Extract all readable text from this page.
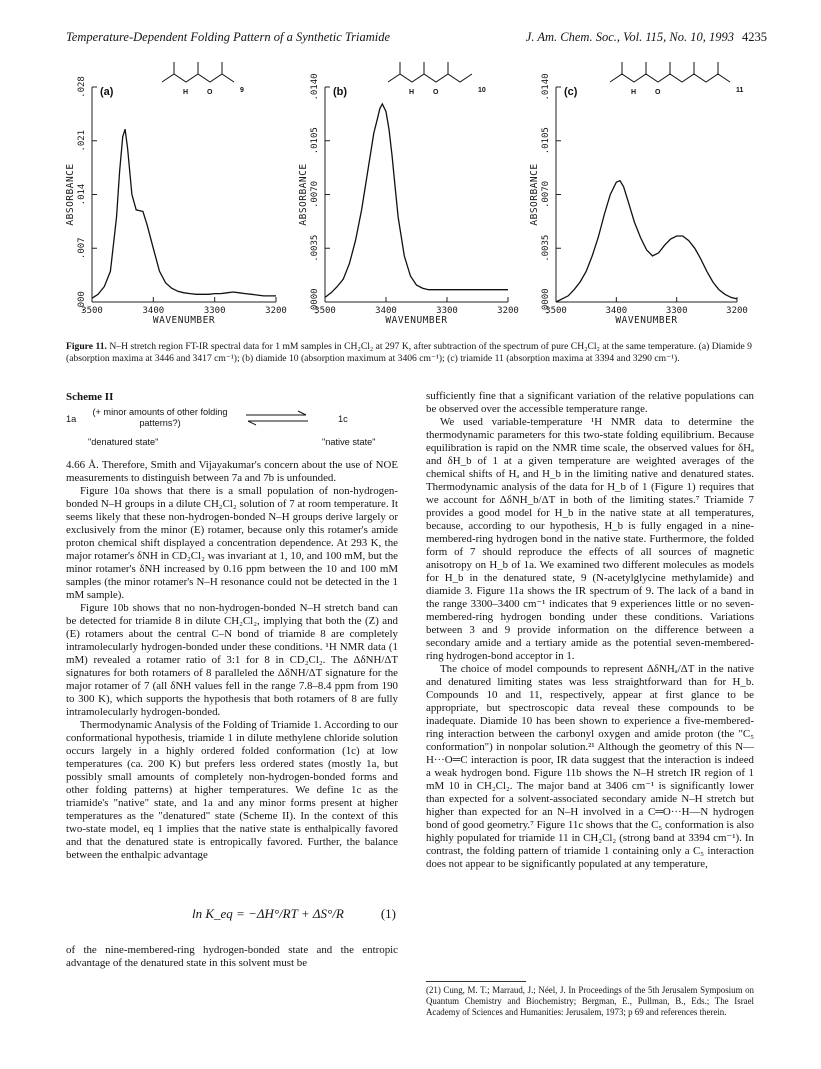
Temperature-Dependent Folding Pattern of a Synthetic Triamide	J. Am. Chem. Soc., Vol. 115, No. 10, 1993 4235
.000
.007
.014
.021
.028
3500	3400	3300	3200
WAVENUMBER
ABSORBANCE
(a)	9
H	O
.0000
.0035
.0070
.0105
.0140
3500	3400	3300	3200
WAVENUMBER
ABSORBANCE
(b)	10
H	O
.0000
.0035
.0070
.0105
.0140
3500	3400	3300	3200
WAVENUMBER
ABSORBANCE
(c)	11
H	O
Figure 11. N–H stretch region FT-IR spectral data for 1 mM samples in CH₂Cl₂ at 297 K, after subtraction of the spectrum of pure CH₂Cl₂ at the same temperature. (a) Diamide 9 (absorption maxima at 3446 and 3417 cm⁻¹); (b) diamide 10 (absorption maximum at 3406 cm⁻¹); (c) triamide 11 (absorption maxima at 3394 and 3290 cm⁻¹).
Scheme II
1a
(+ minor amounts of other folding patterns?)	1c
"denatured state"	"native state"

4.66 Å. Therefore, Smith and Vijayakumar's concern about the use of NOE measurements to distinguish between 7a and 7b is unfounded.

Figure 10a shows that there is a small population of non-hydrogen-bonded N–H groups in a dilute CH₂Cl₂ solution of 7 at room temperature. It seems likely that these non-hydrogen-bonded N–H groups derive largely or exclusively from the minor (E) rotamer, because only this rotamer's amide proton chemical shift displayed a concentration dependence. At 293 K, the major rotamer's δNH in CD₂Cl₂ was invariant at 1, 10, and 100 mM, but the minor rotamer's δNH increased by 0.16 ppm between the 10 and 100 mM samples (the minor rotamer's N–H resonance could not be detected in the 1 mM sample).

Figure 10b shows that no non-hydrogen-bonded N–H stretch band can be detected for triamide 8 in dilute CH₂Cl₂, implying that both the (Z) and (E) rotamers about the central C–N bond of triamide 8 are completely intramolecularly hydrogen-bonded under these conditions. ¹H NMR data (1 mM) revealed a rotamer ratio of 3:1 for 8 in CD₂Cl₂. The ΔδNH/ΔT signatures for both rotamers of 8 paralleled the ΔδNH/ΔT signature for the major rotamer of 7 (all δNH values fell in the range 7.8–8.4 ppm from 190 to 300 K), which supports the hypothesis that both rotamers of 8 are fully intramolecularly hydrogen-bonded.

Thermodynamic Analysis of the Folding of Triamide 1. According to our conformational hypothesis, triamide 1 in dilute methylene chloride solution occurs largely in a highly ordered folded conformation (1c) at low temperatures (ca. 200 K) but prefers less ordered states (mostly 1a, but possibly small amounts of completely non-hydrogen-bonded forms and other folding patterns) at higher temperatures. We define 1c as the triamide's "native" state, and 1a and any minor forms present at higher temperatures as the "denatured" state (Scheme II). In the context of this two-state model, eq 1 implies that the native state is enthalpically favored and that the denatured state is entropically favored. Further, the balance between the enthalpic advantage

ln K_eq = −ΔH°/RT + ΔS°/R	(1)

of the nine-membered-ring hydrogen-bonded state and the entropic advantage of the denatured state in this solvent must be

sufficiently fine that a significant variation of the relative populations can be observed over the accessible temperature range.

We used variable-temperature ¹H NMR data to determine the thermodynamic parameters for this two-state folding equilibrium. Because equilibration is rapid on the NMR time scale, the observed values for δHₐ and δH_b of 1 at a given temperature are weighted averages of the chemical shifts of Hₐ and H_b in the limiting native and denatured states. Thermodynamic analysis of the data for H_b of 1 (Figure 1) requires that we account for ΔδNH_b/ΔT in both of the limiting states.⁷ Triamide 7 provides a good model for H_b in the native state at all temperatures, because, according to our hypothesis, H_b is fully engaged in a nine-membered-ring hydrogen bond in the native state. Furthermore, the folded form of 7 should reproduce the effects of all sources of magnetic anisotropy on H_b of 1a. We examined two different molecules as models for H_b in the denatured state, 9 (N-acetylglycine methylamide) and diamide 3. Figure 11a shows the IR spectrum of 9. The lack of a band in the range 3300–3400 cm⁻¹ indicates that 9 experiences little or no seven-membered-ring hydrogen bonding under these conditions. Variations between 3 and 9 provide information on the difference between a secondary amide and a tertiary amide as the potential seven-membered-ring hydrogen-bond acceptor in 1.

The choice of model compounds to represent ΔδNHₐ/ΔT in the native and denatured limiting states was less straightforward than for H_b. Compounds 10 and 11, respectively, appear at first glance to be appropriate, but spectroscopic data reveal these compounds to be inadequate. Diamide 10 has been shown to experience a five-membered-ring interaction between the carbonyl oxygen and amide proton (the "C₅ conformation") in nonpolar solution.²¹ Although the geometry of this N—H···O═C interaction is poor, IR data suggest that the interaction is indeed a weak hydrogen bond. Figure 11b shows the N–H stretch IR region of 1 mM 10 in CH₂Cl₂. The major band at 3406 cm⁻¹ is significantly lower than expected for a solvent-associated secondary amide N–H stretch but higher than expected for an N–H involved in a C═O···H—N hydrogen bond of good geometry.⁷ Figure 11c shows that the C₅ conformation is also highly populated for triamide 11 in CH₂Cl₂ (strong band at 3394 cm⁻¹). In contrast, the folding pattern of triamide 1 containing only a C₅ interaction does not appear to be significantly populated at any temperature,

(21) Cung, M. T.; Marraud, J.; Néel, J. In Proceedings of the 5th Jerusalem Symposium on Quantum Chemistry and Biochemistry; Bergman, E., Pullman, B., Eds.; The Israel Academy of Sciences and Humanities: Jerusalem, 1973; p 69 and references therein.
